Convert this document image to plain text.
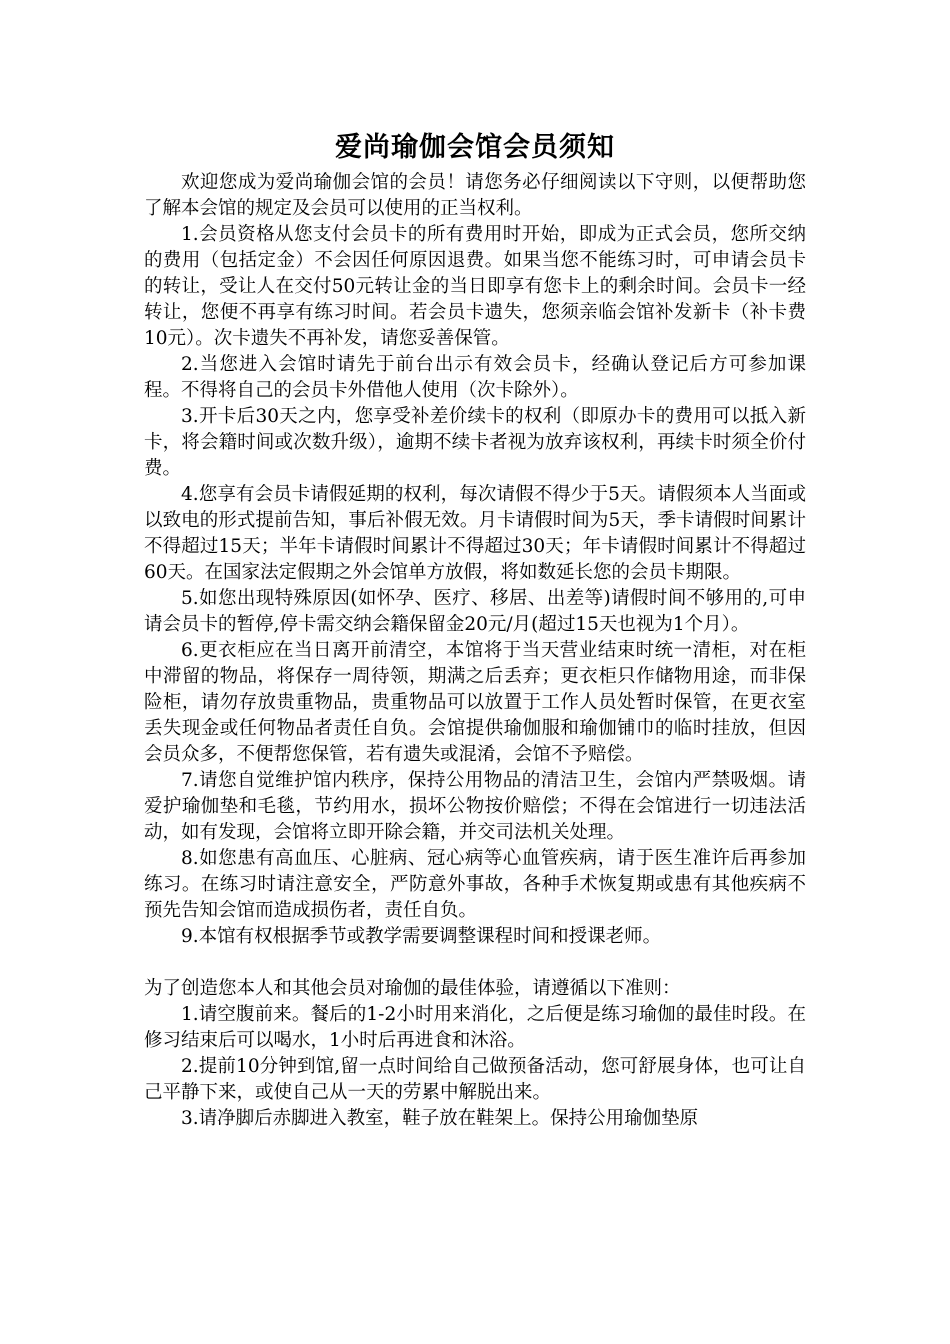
爱尚瑜伽会馆会员须知

欢迎您成为爱尚瑜伽会馆的会员！请您务必仔细阅读以下守则，以便帮助您了解本会馆的规定及会员可以使用的正当权利。

1.会员资格从您支付会员卡的所有费用时开始，即成为正式会员，您所交纳的费用（包括定金）不会因任何原因退费。如果当您不能练习时，可申请会员卡的转让，受让人在交付50元转让金的当日即享有您卡上的剩余时间。会员卡一经转让，您便不再享有练习时间。若会员卡遗失，您须亲临会馆补发新卡（补卡费10元）。次卡遗失不再补发，请您妥善保管。

2.当您进入会馆时请先于前台出示有效会员卡，经确认登记后方可参加课程。不得将自己的会员卡外借他人使用（次卡除外）。

3.开卡后30天之内，您享受补差价续卡的权利（即原办卡的费用可以抵入新卡，将会籍时间或次数升级），逾期不续卡者视为放弃该权利，再续卡时须全价付费。

4.您享有会员卡请假延期的权利，每次请假不得少于5天。请假须本人当面或以致电的形式提前告知，事后补假无效。月卡请假时间为5天，季卡请假时间累计不得超过15天；半年卡请假时间累计不得超过30天；年卡请假时间累计不得超过60天。在国家法定假期之外会馆单方放假，将如数延长您的会员卡期限。

5.如您出现特殊原因(如怀孕、医疗、移居、出差等)请假时间不够用的,可申请会员卡的暂停,停卡需交纳会籍保留金20元/月(超过15天也视为1个月）。

6.更衣柜应在当日离开前清空，本馆将于当天营业结束时统一清柜，对在柜中滞留的物品，将保存一周待领，期满之后丢弃；更衣柜只作储物用途，而非保险柜，请勿存放贵重物品，贵重物品可以放置于工作人员处暂时保管，在更衣室丢失现金或任何物品者责任自负。会馆提供瑜伽服和瑜伽铺巾的临时挂放，但因会员众多，不便帮您保管，若有遗失或混淆，会馆不予赔偿。

7.请您自觉维护馆内秩序，保持公用物品的清洁卫生，会馆内严禁吸烟。请爱护瑜伽垫和毛毯，节约用水，损坏公物按价赔偿；不得在会馆进行一切违法活动，如有发现，会馆将立即开除会籍，并交司法机关处理。

8.如您患有高血压、心脏病、冠心病等心血管疾病，请于医生准许后再参加练习。在练习时请注意安全，严防意外事故，各种手术恢复期或患有其他疾病不预先告知会馆而造成损伤者，责任自负。

9.本馆有权根据季节或教学需要调整课程时间和授课老师。

为了创造您本人和其他会员对瑜伽的最佳体验，请遵循以下准则：

1.请空腹前来。餐后的1-2小时用来消化，之后便是练习瑜伽的最佳时段。在修习结束后可以喝水，1小时后再进食和沐浴。

2.提前10分钟到馆,留一点时间给自己做预备活动，您可舒展身体，也可让自己平静下来，或使自己从一天的劳累中解脱出来。

3.请净脚后赤脚进入教室，鞋子放在鞋架上。保持公用瑜伽垫原
